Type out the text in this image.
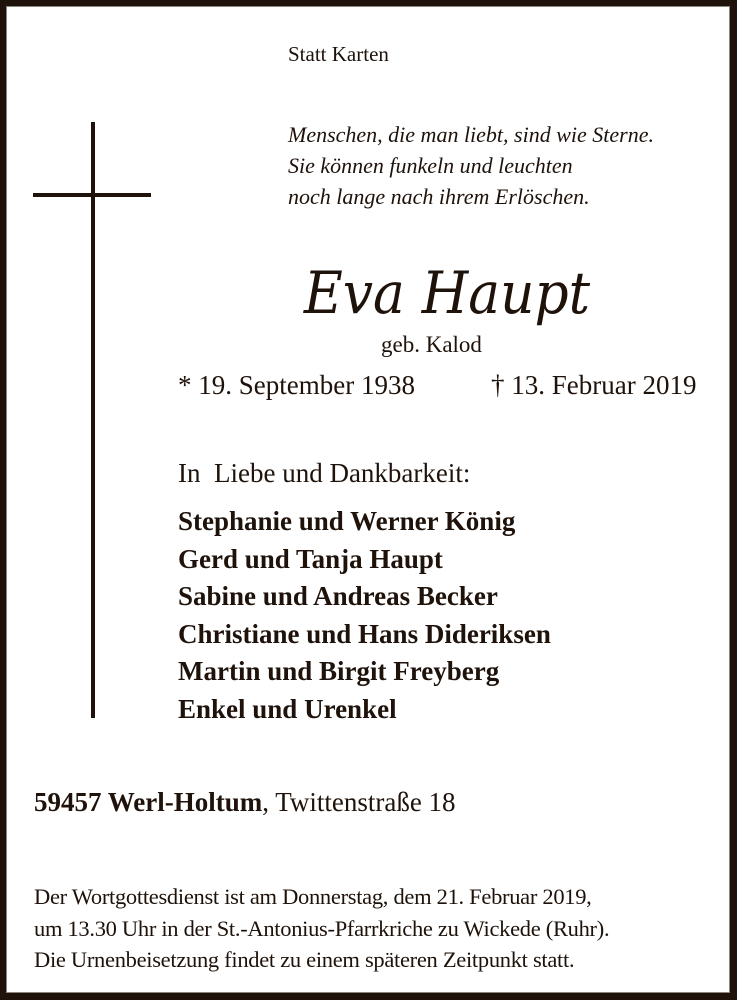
Statt Karten
Menschen, die man liebt, sind wie Sterne.
Sie können funkeln und leuchten
noch lange nach ihrem Erlöschen.
Eva Haupt
geb. Kalod
* 19. September 1938	† 13. Februar 2019
In  Liebe und Dankbarkeit:
Stephanie und Werner König
Gerd und Tanja Haupt
Sabine und Andreas Becker
Christiane und Hans Dideriksen
Martin und Birgit Freyberg
Enkel und Urenkel
59457 Werl-Holtum, Twittenstraße 18
Der Wortgottesdienst ist am Donnerstag, dem 21. Februar 2019,
um 13.30 Uhr in der St.-Antonius-Pfarrkriche zu Wickede (Ruhr).
Die Urnenbeisetzung findet zu einem späteren Zeitpunkt statt.
